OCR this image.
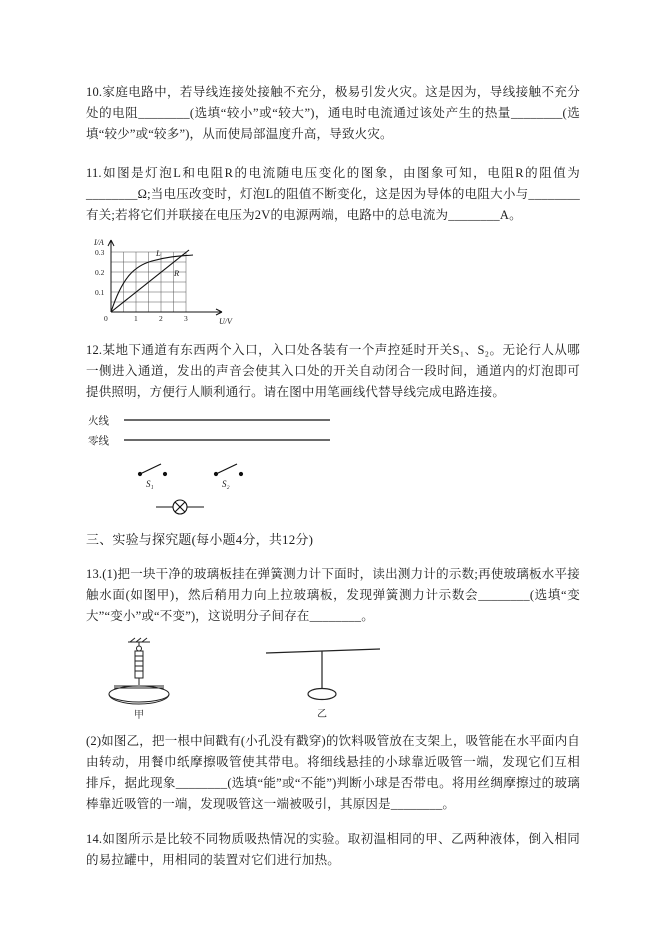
10.家庭电路中，若导线连接处接触不充分，极易引发火灾。这是因为，导线接触不充分处的电阻________(选填“较小”或“较大”)，通电时电流通过该处产生的热量________(选填“较少”或“较多”)，从而使局部温度升高，导致火灾。

11.如图是灯泡L和电阻R的电流随电压变化的图象，由图象可知，电阻R的阻值为________Ω;当电压改变时，灯泡L的阻值不断变化，这是因为导体的电阻大小与________有关;若将它们并联接在电压为2V的电源两端，电路中的总电流为________A。

I/A
U/V
0.3
0.2
0.1
0	1	2	3
L
R

12.某地下通道有东西两个入口，入口处各装有一个声控延时开关S₁、S₂。无论行人从哪一侧进入通道，发出的声音会使其入口处的开关自动闭合一段时间，通道内的灯泡即可提供照明，方便行人顺利通行。请在图中用笔画线代替导线完成电路连接。

火线
零线
S₁	S₂

三、实验与探究题(每小题4分，共12分)

13.(1)把一块干净的玻璃板挂在弹簧测力计下面时，读出测力计的示数;再使玻璃板水平接触水面(如图甲)，然后稍用力向上拉玻璃板，发现弹簧测力计示数会________(选填“变大”“变小”或“不变”)，这说明分子间存在________。

甲	乙

(2)如图乙，把一根中间戳有(小孔没有戳穿)的饮料吸管放在支架上，吸管能在水平面内自由转动，用餐巾纸摩擦吸管使其带电。将细线悬挂的小球靠近吸管一端，发现它们互相排斥，据此现象________(选填“能”或“不能”)判断小球是否带电。将用丝绸摩擦过的玻璃棒靠近吸管的一端，发现吸管这一端被吸引，其原因是________。

14.如图所示是比较不同物质吸热情况的实验。取初温相同的甲、乙两种液体，倒入相同的易拉罐中，用相同的装置对它们进行加热。
